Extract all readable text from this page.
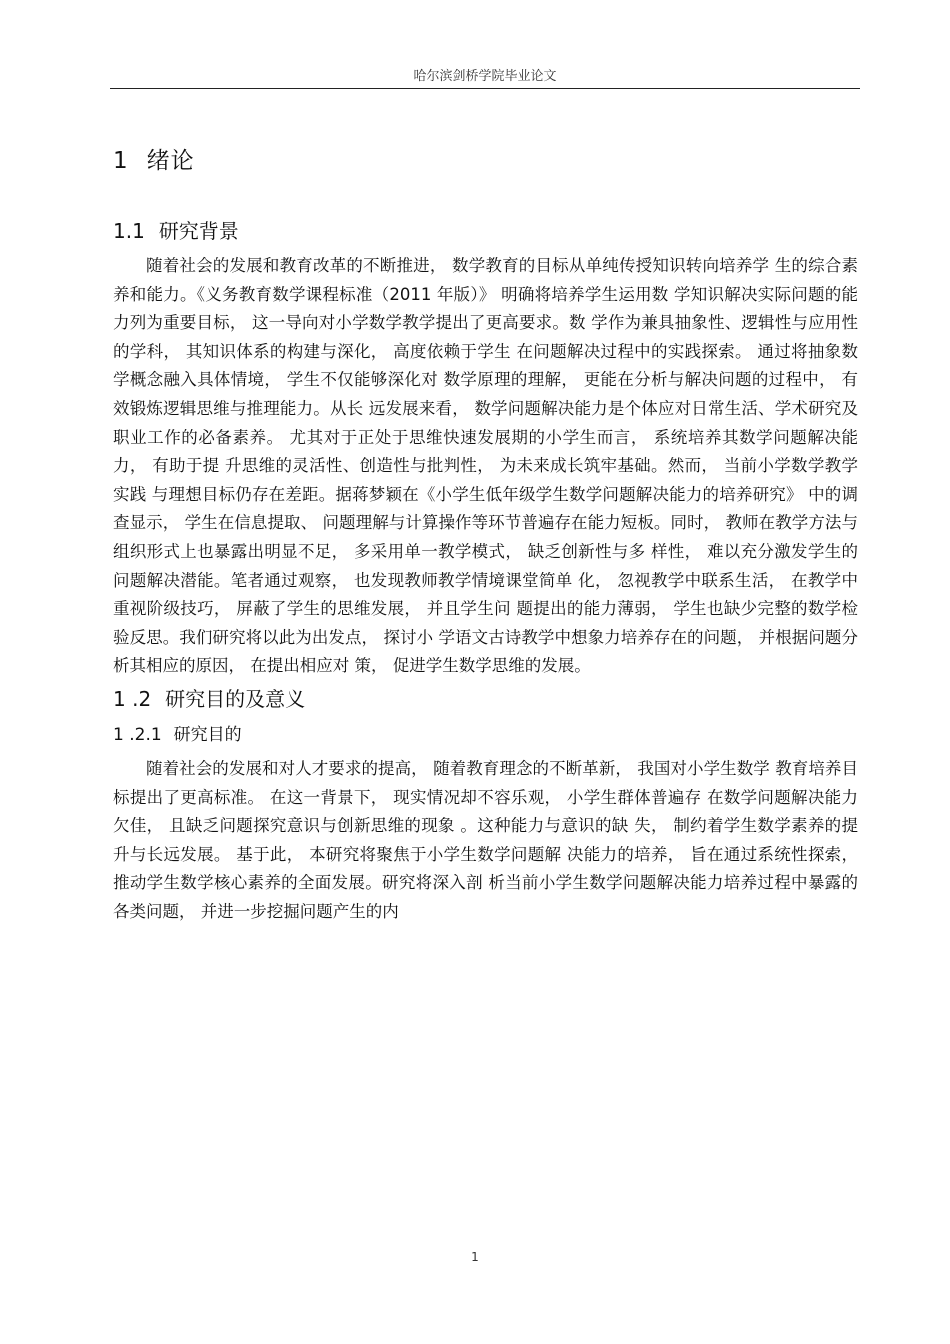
哈尔滨剑桥学院毕业论文
1 绪论
1.1 研究背景

随着社会的发展和教育改革的不断推进， 数学教育的目标从单纯传授知识转向培养学 生的综合素养和能力。《义务教育数学课程标准（2011 年版）》 明确将培养学生运用数 学知识解决实际问题的能力列为重要目标， 这一导向对小学数学教学提出了更高要求。数 学作为兼具抽象性、逻辑性与应用性的学科， 其知识体系的构建与深化， 高度依赖于学生 在问题解决过程中的实践探索。 通过将抽象数学概念融入具体情境， 学生不仅能够深化对 数学原理的理解， 更能在分析与解决问题的过程中， 有效锻炼逻辑思维与推理能力。从长 远发展来看， 数学问题解决能力是个体应对日常生活、学术研究及职业工作的必备素养。 尤其对于正处于思维快速发展期的小学生而言， 系统培养其数学问题解决能力， 有助于提 升思维的灵活性、创造性与批判性， 为未来成长筑牢基础。然而， 当前小学数学教学实践 与理想目标仍存在差距。据蒋梦颖在《小学生低年级学生数学问题解决能力的培养研究》 中的调查显示， 学生在信息提取、 问题理解与计算操作等环节普遍存在能力短板。同时， 教师在教学方法与组织形式上也暴露出明显不足， 多采用单一教学模式， 缺乏创新性与多 样性， 难以充分激发学生的问题解决潜能。笔者通过观察， 也发现教师教学情境课堂简单 化， 忽视教学中联系生活， 在教学中重视阶级技巧， 屏蔽了学生的思维发展， 并且学生问 题提出的能力薄弱， 学生也缺少完整的数学检验反思。我们研究将以此为出发点， 探讨小 学语文古诗教学中想象力培养存在的问题， 并根据问题分析其相应的原因， 在提出相应对 策， 促进学生数学思维的发展。

1 .2 研究目的及意义
1 .2.1 研究目的

随着社会的发展和对人才要求的提高， 随着教育理念的不断革新， 我国对小学生数学 教育培养目标提出了更高标准。 在这一背景下， 现实情况却不容乐观， 小学生群体普遍存 在数学问题解决能力欠佳， 且缺乏问题探究意识与创新思维的现象 。这种能力与意识的缺 失， 制约着学生数学素养的提升与长远发展。 基于此， 本研究将聚焦于小学生数学问题解 决能力的培养， 旨在通过系统性探索， 推动学生数学核心素养的全面发展。研究将深入剖 析当前小学生数学问题解决能力培养过程中暴露的各类问题， 并进一步挖掘问题产生的内

1
